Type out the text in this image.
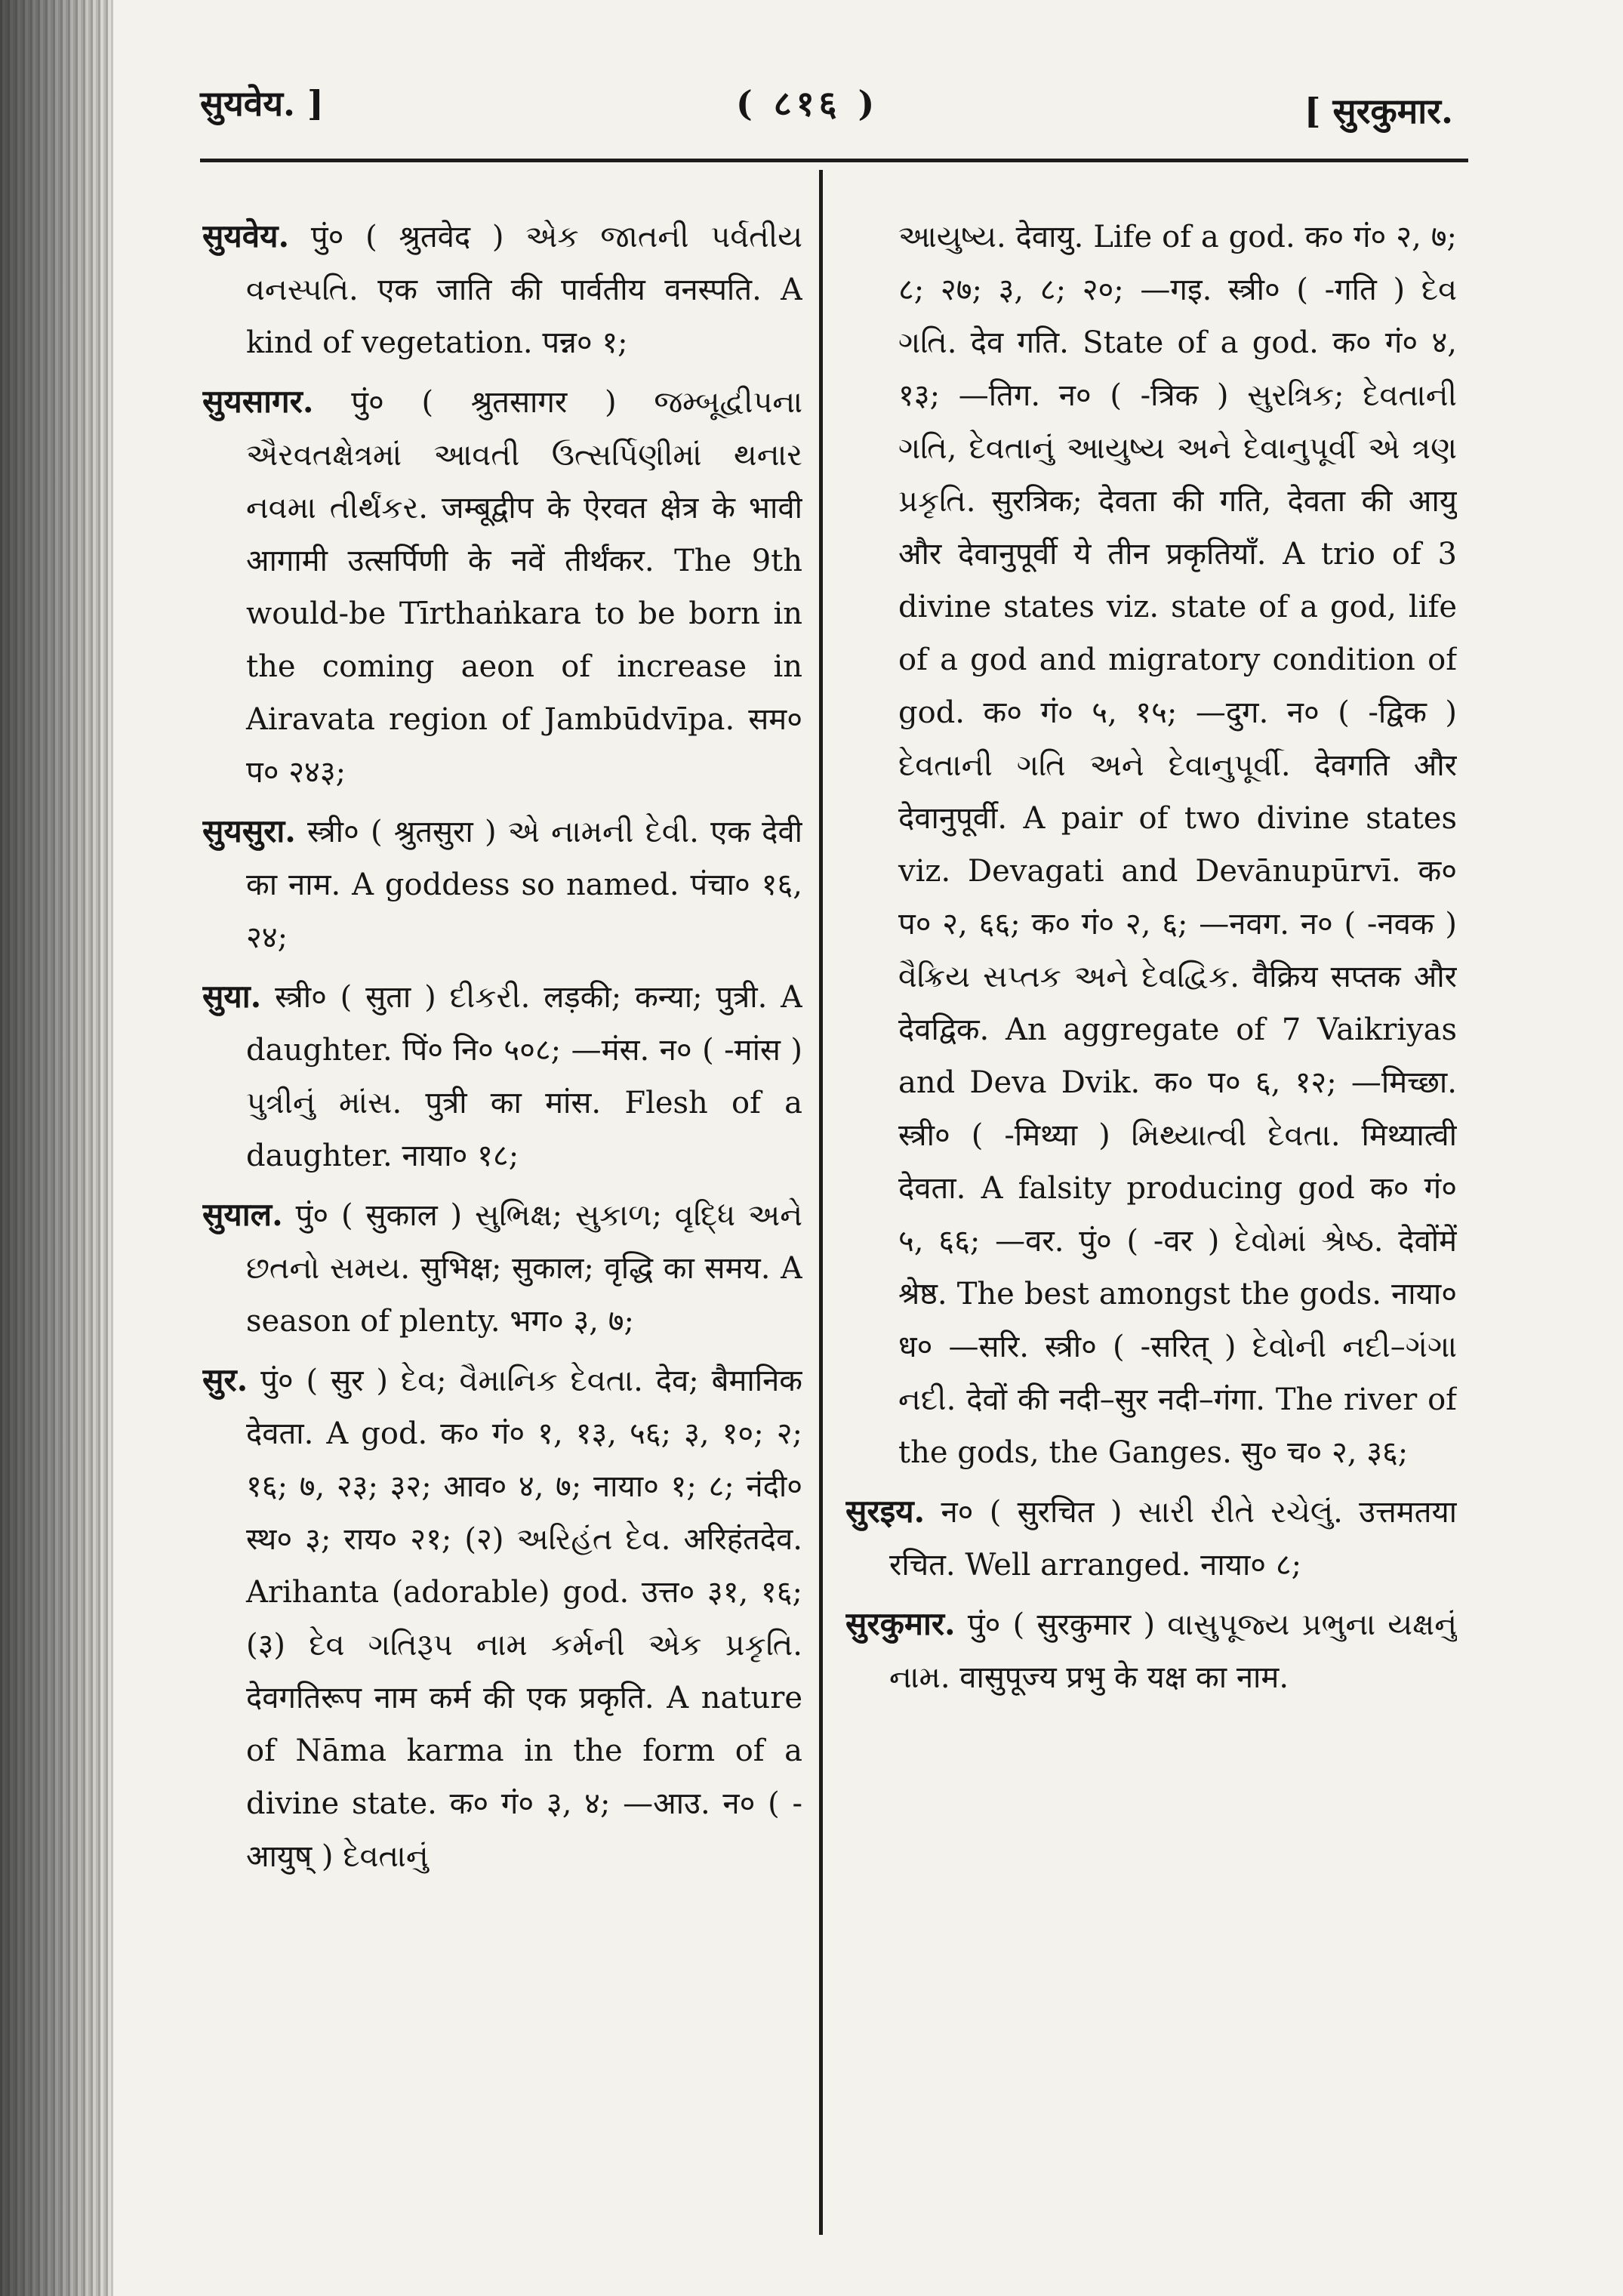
सुयवेय. ]	( ८१६ )	[ सुरकुमार.

सुयवेय. पुं० ( श्रुतवेद ) એક જાતની પર્વતીય વનસ્પતિ. एक जाति की पार्वतीय वनस्पति. A kind of vegetation. पन्न० १;

सुयसागर. पुं० ( श्रुतसागर ) જમ્બૂદ્વીપના ઐરવતક્ષેત્રમાં આવતી ઉત્સર્પિણીમાં થનાર નવમા તીર્થંકર. जम्बूद्वीप के ऐरवत क्षेत्र के भावी आगामी उत्सर्पिणी के नवें तीर्थंकर. The 9th would-be Tīrthaṅkara to be born in the coming aeon of increase in Airavata region of Jambūdvīpa. सम० प० २४३;

सुयसुरा. स्त्री० ( श्रुतसुरा ) એ નામની દેવી. एक देवी का नाम. A goddess so named. पंचा० १६, २४;

सुया. स्त्री० ( सुता ) દીકરી. लड़की; कन्या; पुत्री. A daughter. पिं० नि० ५०८; —मंस. न० ( -मांस ) પુત્રીનું માંસ. पुत्री का मांस. Flesh of a daughter. नाया० १८;

सुयाल. पुं० ( सुकाल ) સુભિક્ષ; સુકાળ; વૃદ્ધિ અને છતનો સમય. सुभिक्ष; सुकाल; वृद्धि का समय. A season of plenty. भग० ३, ७;

सुर. पुं० ( सुर ) દેવ; વૈમાનિક દેવતા. देव; बैमानिक देवता. A god. क० गं० १, १३, ५६; ३, १०; २; १६; ७, २३; ३२; आव० ४, ७; नाया० १; ८; नंदी० स्थ० ३; राय० २१; (२) અરિહંત દેવ. अरिहंतदेव. Arihanta (adorable) god. उत्त० ३१, १६; (३) દેવ ગતિરૂપ નામ કર્મની એક પ્રકૃતિ. देवगतिरूप नाम कर्म की एक प्रकृति. A nature of Nāma karma in the form of a divine state. क० गं० ३, ४; —आउ. न० ( -आयुष् ) દેવતાનું

આયુષ્ય. देवायु. Life of a god. क० गं० २, ७; ८; २७; ३, ८; २०; —गइ. स्त्री० ( -गति ) દેવ ગતિ. देव गति. State of a god. क० गं० ४, १३; —तिग. न० ( -त्रिक ) સુરત્રિક; દેવતાની ગતિ, દેવતાનું આયુષ્ય અને દેવાનુપૂર્વી એ ત્રણ પ્રકૃતિ. सुरत्रिक; देवता की गति, देवता की आयु और देवानुपूर्वी ये तीन प्रकृतियाँ. A trio of 3 divine states viz. state of a god, life of a god and migratory condition of god. क० गं० ५, १५; —दुग. न० ( -द्विक ) દેવતાની ગતિ અને દેવાનુપૂર્વી. देवगति और देवानुपूर्वी. A pair of two divine states viz. Devagati and Devānupūrvī. क० प० २, ६६; क० गं० २, ६; —नवग. न० ( -नवक ) વૈક્રિય સપ્તક અને દેવદ્વિક. वैक्रिय सप्तक और देवद्विक. An aggregate of 7 Vaikriyas and Deva Dvik. क० प० ६, १२; —मिच्छा. स्त्री० ( -मिथ्या ) મિથ્યાત્વી દેવતા. मिथ्यात्वी देवता. A falsity producing god क० गं० ५, ६६; —वर. पुं० ( -वर ) દેવોમાં શ્રેષ્ઠ. देवोंमें श्रेष्ठ. The best amongst the gods. नाया० ध० —सरि. स्त्री० ( -सरित् ) દેવોની નદી–ગંગા નદી. देवों की नदी–सुर नदी–गंगा. The river of the gods, the Ganges. सु० च० २, ३६;

सुरइय. न० ( सुरचित ) સારી રીતે રચેલું. उत्तमतया रचित. Well arranged. नाया० ८;

सुरकुमार. पुं० ( सुरकुमार ) વાસુપૂજ્ય પ્રભુના યક્ષનું નામ. वासुपूज्य प्रभु के यक्ष का नाम.
